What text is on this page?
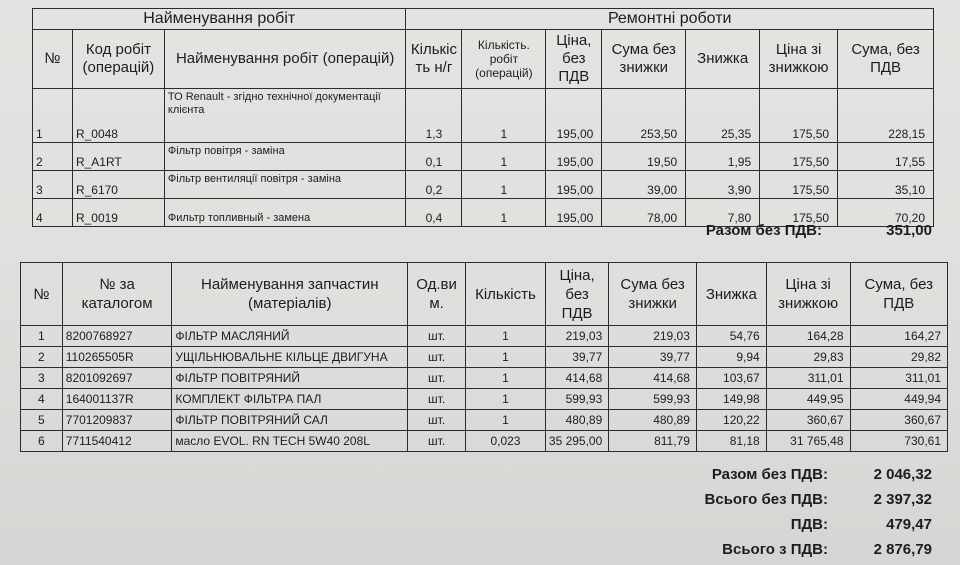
Найменування робіт			Ремонтні роботи						
№	Код робіт (операцій)	Найменування робіт (операцій)	Кількіс ть н/г	Кількість. робіт (операцій)	Ціна, без ПДВ	Сума без знижки	Знижка	Ціна зі знижкою	Сума, без ПДВ
1	R_0048	ТО Renault - згідно технічної документації клієнта	1,3	1	195,00	253,50	25,35	175,50	228,15
2	R_A1RT	Фільтр повітря - заміна	0,1	1	195,00	19,50	1,95	175,50	17,55
3	R_6170	Фільтр вентиляції повітря - заміна	0,2	1	195,00	39,00	3,90	175,50	35,10
4	R_0019	Фильтр топливный - замена	0,4	1	195,00	78,00	7,80	175,50	70,20
Разом без ПДВ:	351,00
№	№ за каталогом	Найменування запчастин (матеріалів)	Од.ви м.	Кількість	Ціна, без ПДВ	Сума без знижки	Знижка	Ціна зі знижкою	Сума, без ПДВ
1	8200768927	ФІЛЬТР МАСЛЯНИЙ	шт.	1	219,03	219,03	54,76	164,28	164,27
2	110265505R	УЩІЛЬНЮВАЛЬНЕ КІЛЬЦЕ ДВИГУНА	шт.	1	39,77	39,77	9,94	29,83	29,82
3	8201092697	ФІЛЬТР ПОВІТРЯНИЙ	шт.	1	414,68	414,68	103,67	311,01	311,01
4	164001137R	КОМПЛЕКТ ФІЛЬТРА ПАЛ	шт.	1	599,93	599,93	149,98	449,95	449,94
5	7701209837	ФІЛЬТР ПОВІТРЯНИЙ САЛ	шт.	1	480,89	480,89	120,22	360,67	360,67
6	7711540412	масло EVOL. RN TECH 5W40 208L	шт.	0,023	35 295,00	811,79	81,18	31 765,48	730,61
Разом без ПДВ:	2 046,32
Всього без ПДВ:	2 397,32
ПДВ:	479,47
Всього з ПДВ:	2 876,79
